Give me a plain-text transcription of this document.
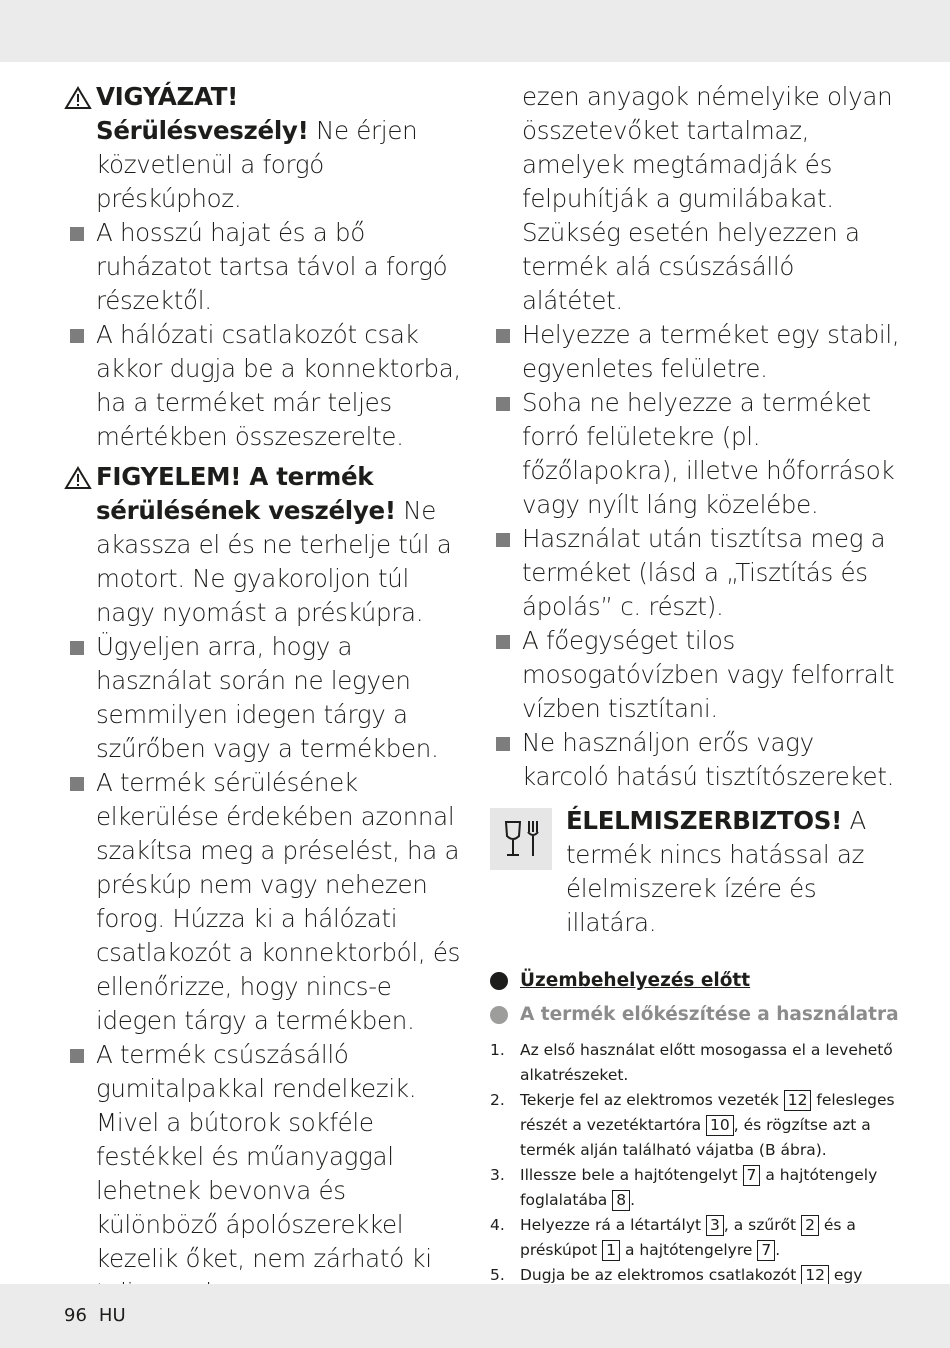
VIGYÁZAT!
Sérülésveszély! Ne érjen közvetlenül a forgó préskúphoz.
A hosszú hajat és a bő ruházatot tartsa távol a forgó részektől.
A hálózati csatlakozót csak akkor dugja be a konnektorba, ha a terméket már teljes mértékben összeszerelte.
FIGYELEM! A termék sérülésének veszélye! Ne akassza el és ne terhelje túl a motort. Ne gyakoroljon túl nagy nyomást a préskúpra.
Ügyeljen arra, hogy a használat során ne legyen semmilyen idegen tárgy a szűrőben vagy a termékben.
A termék sérülésének elkerülése érdekében azonnal szakítsa meg a préselést, ha a préskúp nem vagy nehezen forog. Húzza ki a hálózati csatlakozót a konnektorból, és ellenőrizze, hogy nincs-e idegen tárgy a termékben.
A termék csúszásálló gumitalpakkal rendelkezik. Mivel a bútorok sokféle festékkel és műanyaggal lehetnek bevonva és különböző ápolószerekkel kezelik őket, nem zárható ki
ezen anyagok némelyike olyan összetevőket tartalmaz, amelyek megtámadják és felpuhítják a gumilábakat. Szükség esetén helyezzen a termék alá csúszásálló alátétet.
Helyezze a terméket egy stabil, egyenletes felületre.
Soha ne helyezze a terméket forró felületekre (pl. főzőlapokra), illetve hőforrások vagy nyílt láng közelébe.
Használat után tisztítsa meg a terméket (lásd a „Tisztítás és ápolás” c. részt).
A főegységet tilos mosogatóvízben vagy felforralt vízben tisztítani.
Ne használjon erős vagy karcoló hatású tisztítószereket.
ÉLELMISZERBIZTOS! A termék nincs hatással az élelmiszerek ízére és illatára.
Üzembehelyezés előtt
A termék előkészítése a használatra
1. Az első használat előtt mosogassa el a levehető alkatrészeket.
2. Tekerje fel az elektromos vezeték 12 felesleges részét a vezetéktartóra 10 , és rögzítse azt a termék alján található vájatba (B ábra).
3. Illessze bele a hajtótengelyt 7 a hajtótengely foglalatába 8 .
4. Helyezze rá a létartályt 3 , a szűrőt 2 és a préskúpot 1 a hajtótengelyre 7 .
5. Dugja be az elektromos csatlakozót 12 egy
96 HU
